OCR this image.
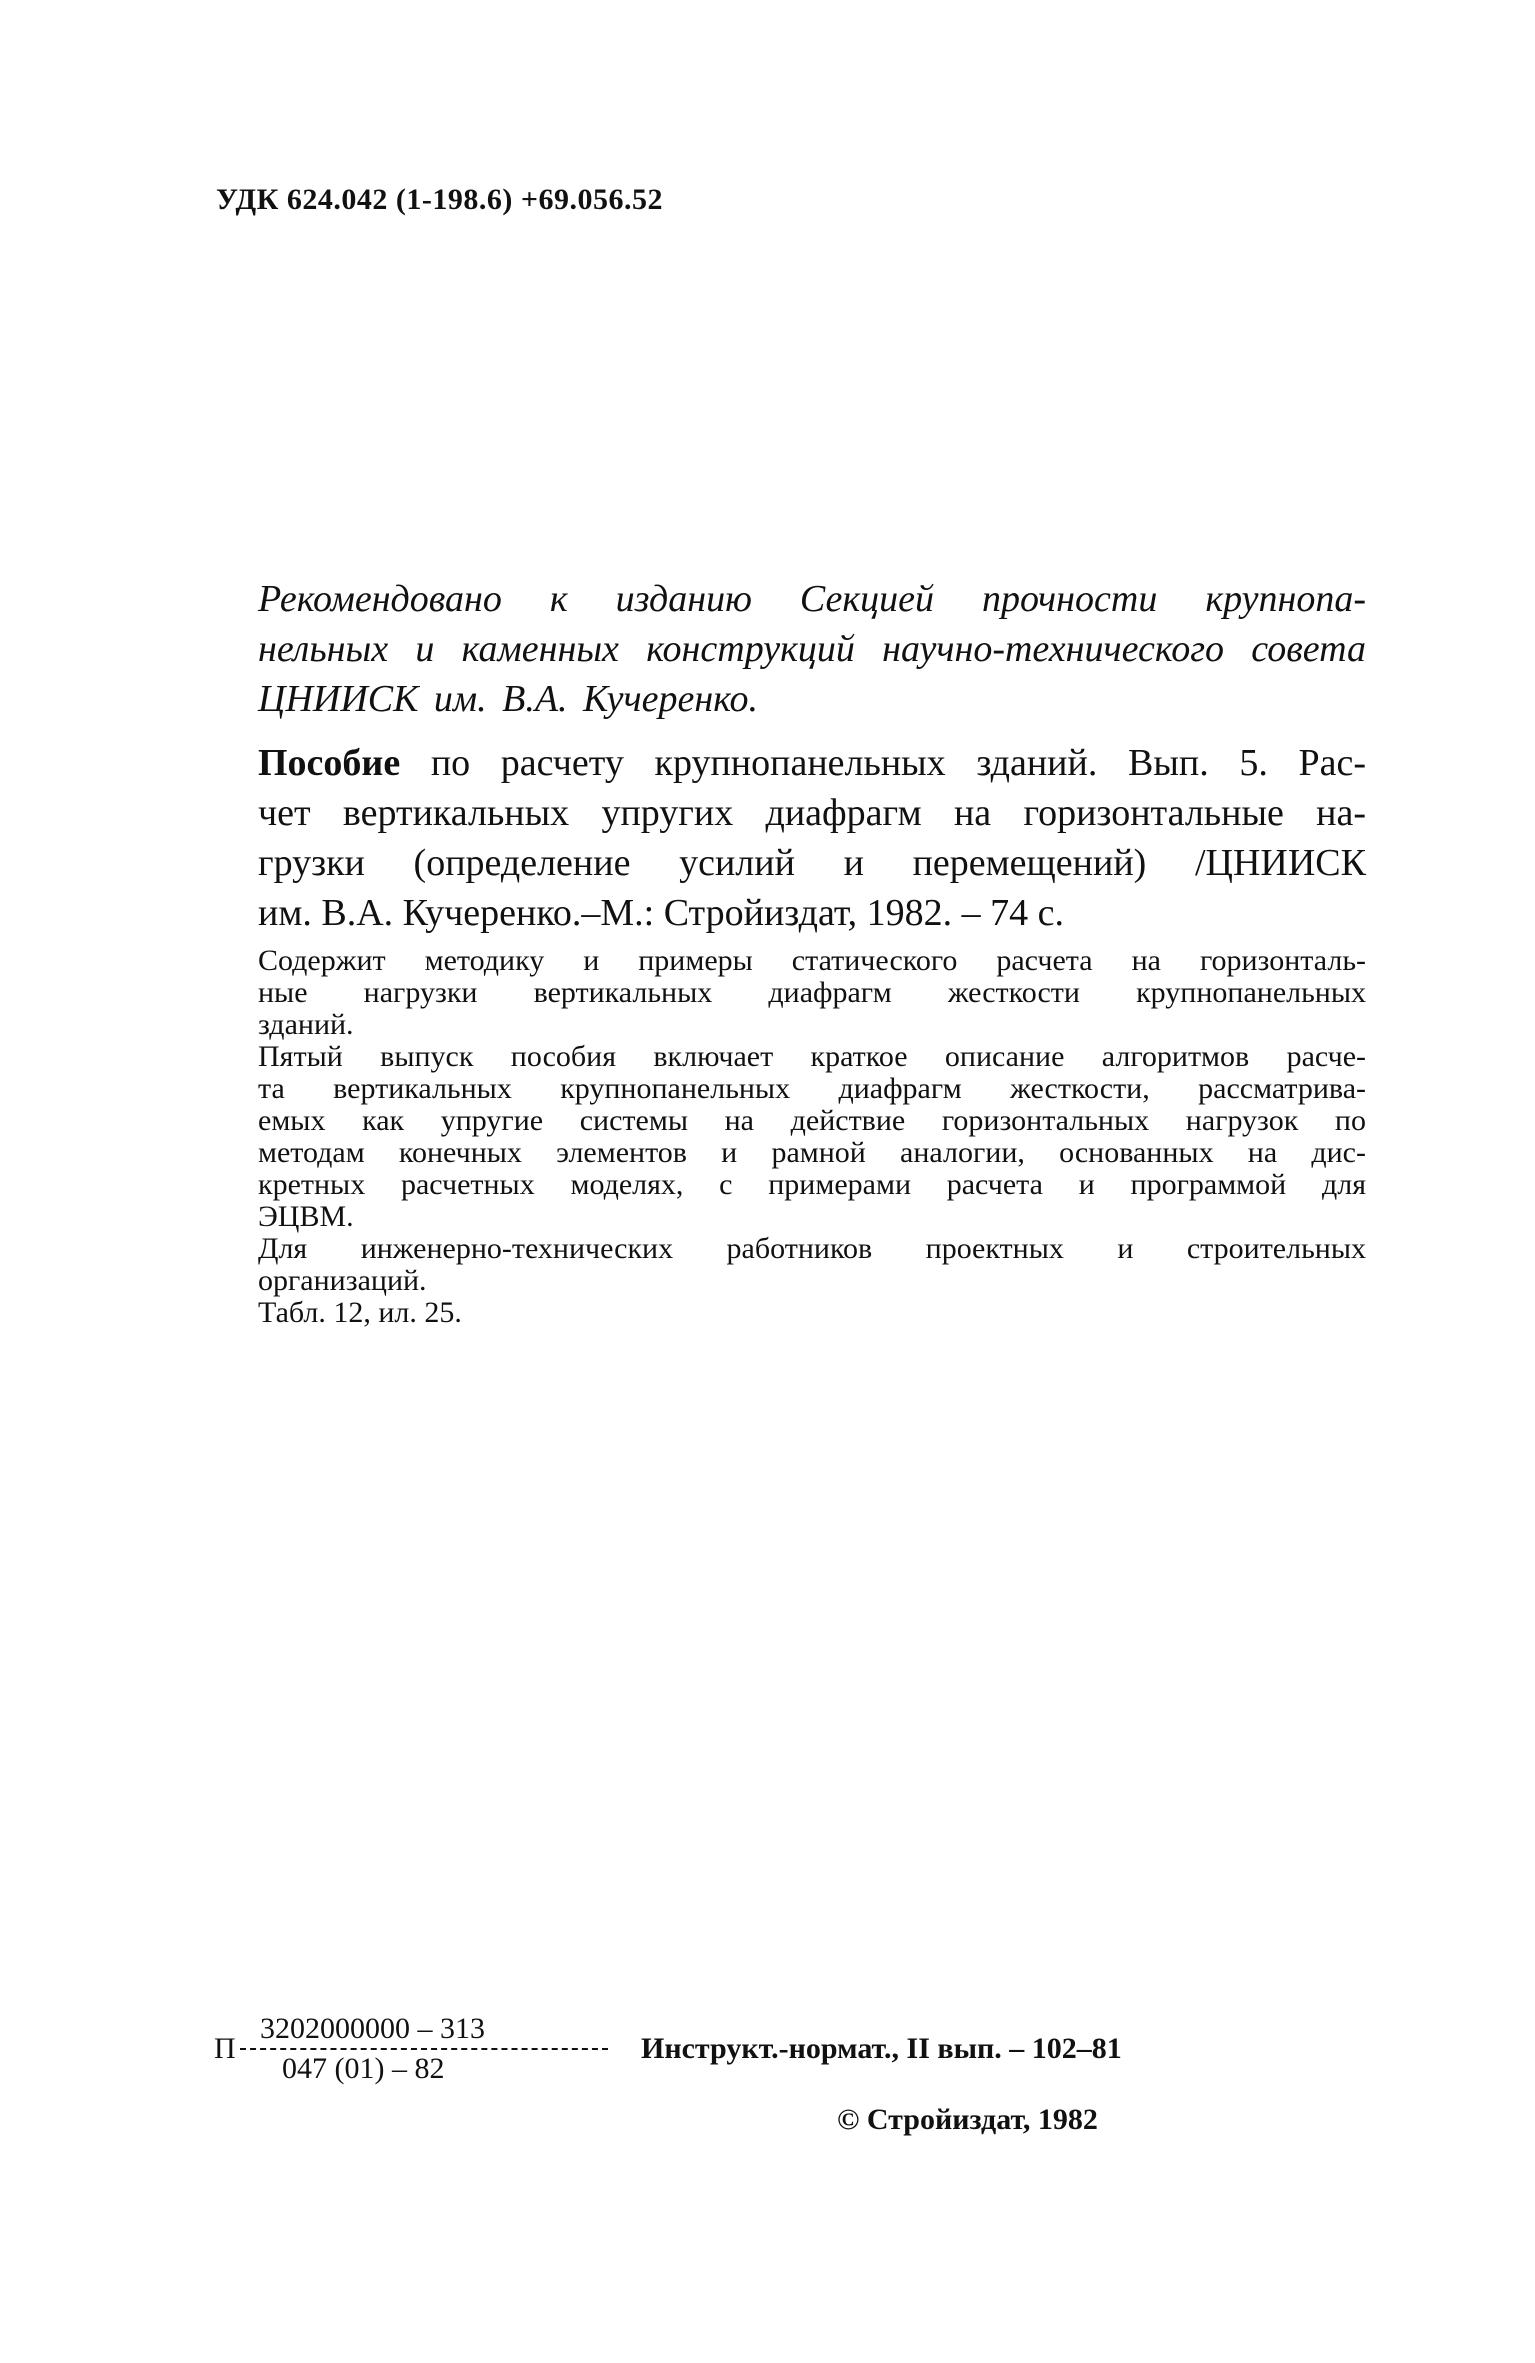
УДК 624.042 (1-198.6) +69.056.52
Рекомендовано к изданию Секцией прочности крупнопа-
нельных и каменных конструкций научно-технического совета
ЦНИИСК им. В.А. Кучеренко.
Пособие по расчету крупнопанельных зданий. Вып. 5. Рас-
чет вертикальных упругих диафрагм на горизонтальные на-
грузки (определение усилий и перемещений) /ЦНИИСК
им. В.А. Кучеренко.–М.: Стройиздат, 1982. – 74 с.
Содержит методику и примеры статического расчета на горизонталь-
ные нагрузки вертикальных диафрагм жесткости крупнопанельных
зданий.
Пятый выпуск пособия включает краткое описание алгоритмов расче-
та вертикальных крупнопанельных диафрагм жесткости, рассматрива-
емых как упругие системы на действие горизонтальных нагрузок по
методам конечных элементов и рамной аналогии, основанных на дис-
кретных расчетных моделях, с примерами расчета и программой для
ЭЦВМ.
Для инженерно-технических работников проектных и строительных
организаций.
Табл. 12, ил. 25.
П
3202000000 – 313
047 (01) – 82
Инструкт.-нормат., II вып. – 102–81
© Стройиздат, 1982
